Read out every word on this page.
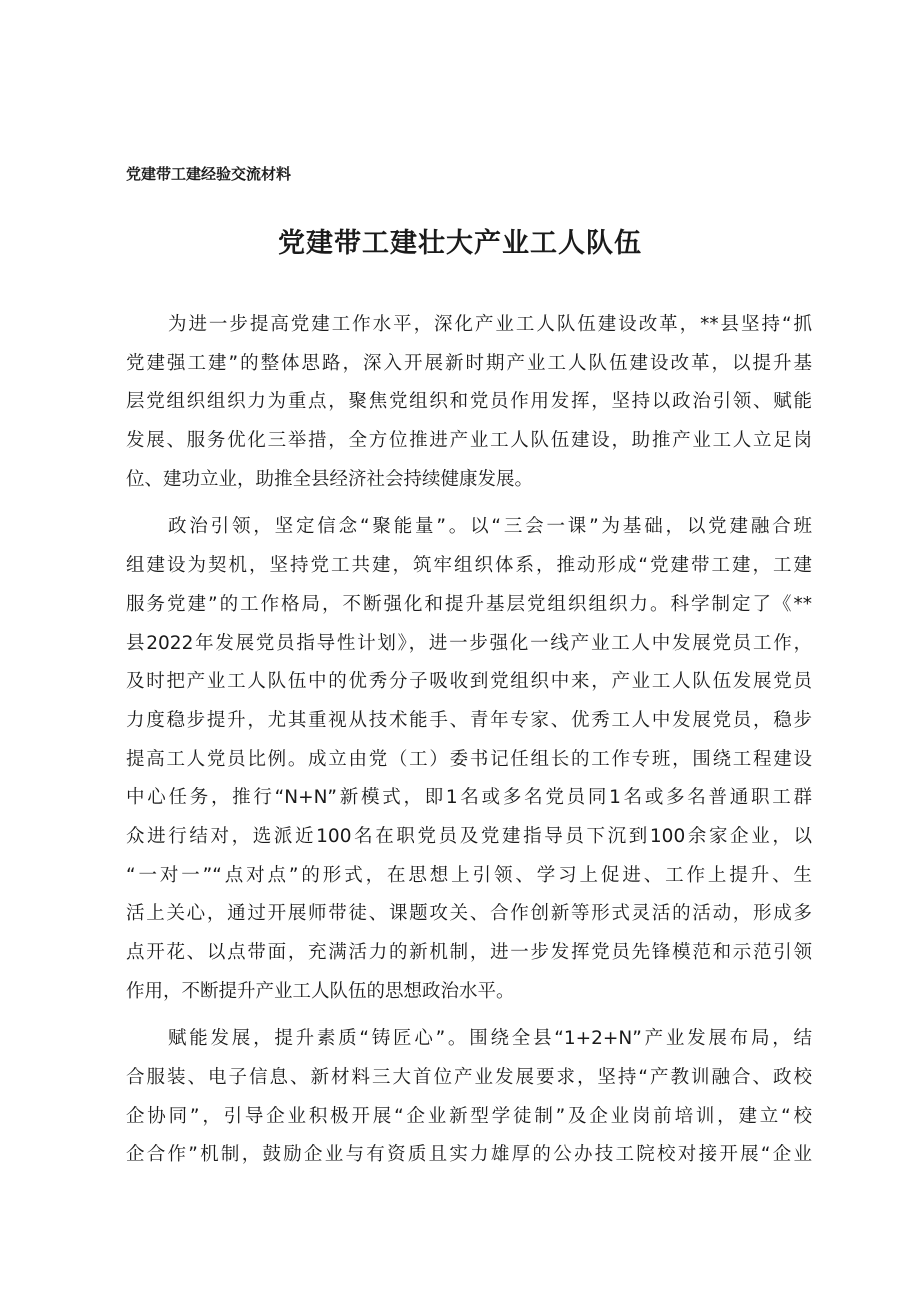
党建带工建经验交流材料
党建带工建壮大产业工人队伍
为进一步提高党建工作水平，深化产业工人队伍建设改革，**县坚持“抓
党建强工建”的整体思路，深入开展新时期产业工人队伍建设改革，以提升基
层党组织组织力为重点，聚焦党组织和党员作用发挥，坚持以政治引领、赋能
发展、服务优化三举措，全方位推进产业工人队伍建设，助推产业工人立足岗
位、建功立业，助推全县经济社会持续健康发展。
政治引领，坚定信念“聚能量”。以“三会一课”为基础，以党建融合班
组建设为契机，坚持党工共建，筑牢组织体系，推动形成“党建带工建，工建
服务党建”的工作格局，不断强化和提升基层党组织组织力。科学制定了《**
县2022年发展党员指导性计划》，进一步强化一线产业工人中发展党员工作，
及时把产业工人队伍中的优秀分子吸收到党组织中来，产业工人队伍发展党员
力度稳步提升，尤其重视从技术能手、青年专家、优秀工人中发展党员，稳步
提高工人党员比例。成立由党（工）委书记任组长的工作专班，围绕工程建设
中心任务，推行“N+N”新模式，即1名或多名党员同1名或多名普通职工群
众进行结对，选派近100名在职党员及党建指导员下沉到100余家企业，以
“一对一”“点对点”的形式，在思想上引领、学习上促进、工作上提升、生
活上关心，通过开展师带徒、课题攻关、合作创新等形式灵活的活动，形成多
点开花、以点带面，充满活力的新机制，进一步发挥党员先锋模范和示范引领
作用，不断提升产业工人队伍的思想政治水平。
赋能发展，提升素质“铸匠心”。围绕全县“1+2+N”产业发展布局，结
合服装、电子信息、新材料三大首位产业发展要求，坚持“产教训融合、政校
企协同”，引导企业积极开展“企业新型学徒制”及企业岗前培训，建立“校
企合作”机制，鼓励企业与有资质且实力雄厚的公办技工院校对接开展“企业
